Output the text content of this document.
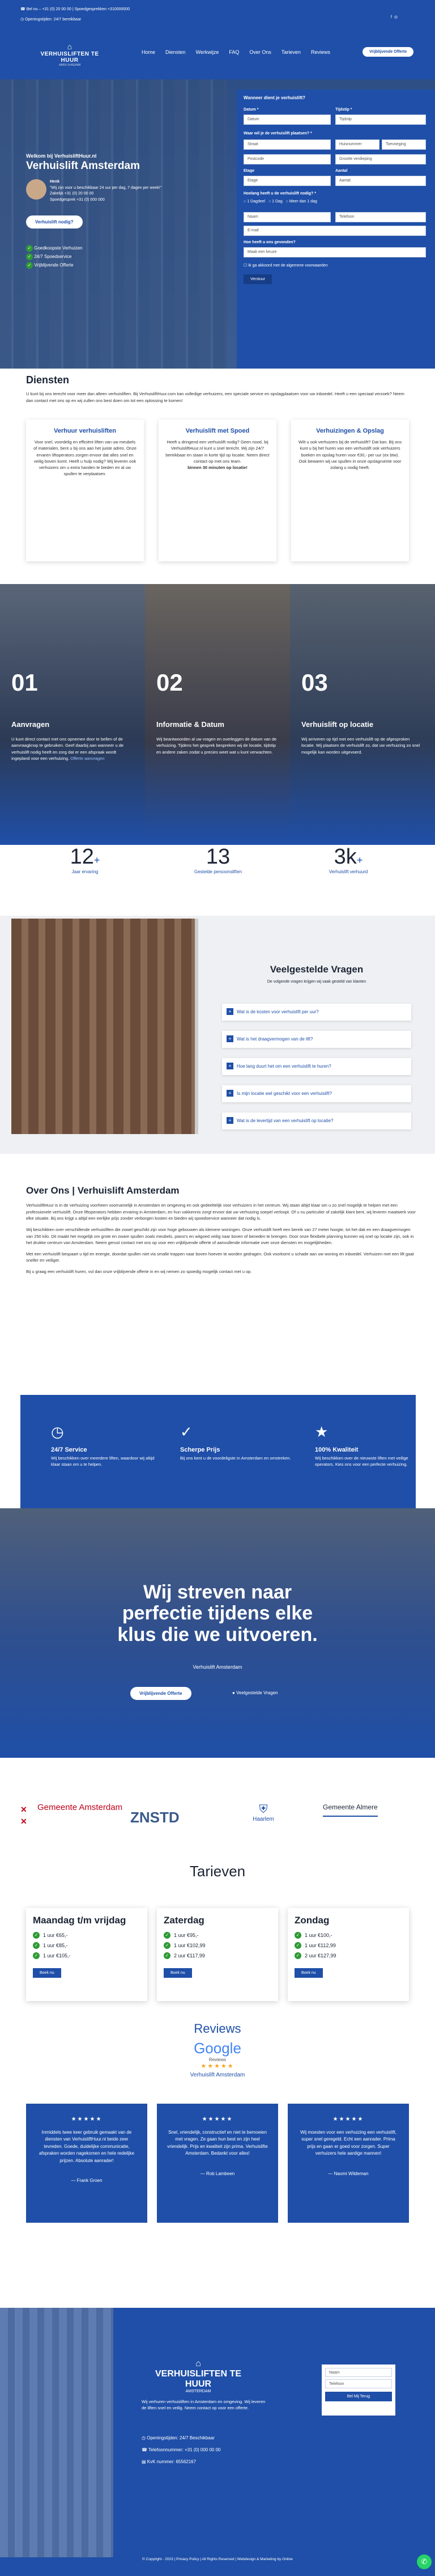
☎ Bel nu – +31 (0) 20 00 00 | Spoedgesprekken +310000000
◷ Openingstijden: 24/7 bereikbaar
f ◎
⌂
VERHUISLIFTEN TE HUUR
AMSTERDAM
Home Diensten Werkwijze FAQ Over Ons Tarieven Reviews	Vrijblijvende Offerte
Welkom bij VerhuisliftHuur.nl
Verhuislift Amsterdam
Henk
"Wij zijn voor u beschikbaar 24 uur per dag, 7 dagen per week!"
Zakelijk +31 (0) 20 00 00
Spoedgesprek +31 (0) 000 000
Verhuislift nodig?
✓ Goedkoopste Verhuizen
✓ 24/7 Spoedservice
✓ Vrijblijvende Offerte
Wanneer dient je verhuislift?
Datum *	Tijdstip *
Datum	Tijdstip
Waar wil je de verhuislift plaatsen? *
Straat	Huisnummer	Toevoeging
Postcode	Grootte verdieping
Etage	Aantal
Etage	Aantal
Hoelang heeft u de verhuislift nodig? *
○ 1 Dagdeel   ○ 1 Dag   ○ Meer dan 1 dag
Naam	Telefoon
E-mail
Hoe heeft u ons gevonden?
Maak een keuze
☐ Ik ga akkoord met de algemene voorwaarden
Verstuur
Diensten
U kunt bij ons terecht voor meer dan alleen verhuisliften. Bij VerhuisliftHuur.com kan volledige verhuizers, een speciale service en opslagplaatsen voor uw inboedel. Heeft u een speciaal verzoek? Neem dan contact met ons op en wij zullen ons best doen om tot een oplossing te komen!
Verhuur verhuisliften
Voor snel, voordelig en efficiënt liften van uw meubels of materialen, bent u bij ons aan het juiste adres. Onze ervaren liftoperators zorgen ervoor dat alles snel en veilig boven komt. Heeft u hulp nodig? Wij leveren ook verhuizers om u extra handen te bieden en al uw spullen te verplaatsen.
Verhuislift met Spoed
Heeft u dringend een verhuislift nodig? Geen nood, bij VerhuisliftHuur.nl kunt u snel terecht. Wij zijn 24/7 bereikbaar en staan in korte tijd op locatie. Neem direct contact op met ons team.
binnen 30 minuten op locatie!
Verhuizingen & Opslag
Wilt u ook verhuizers bij de verhuislift? Dat kan. Bij ons kunt u bij het huren van een verhuislift ook verhuizers boeken en opslag huren voor €30,- per uur (ex btw). Ook bewaren wij uw spullen in onze opslagruimte voor zolang u nodig heeft.
01
Aanvragen
U kunt direct contact met ons opnemen door te bellen of de aanvraagknop te gebruiken. Geef daarbij aan wanneer u de verhuislift nodig heeft en zorg dat er een afspraak wordt ingepland voor een verhuizing. Offerte aanvragen
02
Informatie & Datum
Wij beantwoorden al uw vragen en overleggen de datum van de verhuizing. Tijdens het gesprek bespreken wij de locatie, tijdstip en andere zaken zodat u precies weet wat u kunt verwachten.
03
Verhuislift op locatie
Wij arriveren op tijd met een verhuislift op de afgesproken locatie. Wij plaatsen de verhuislift zo, dat uw verhuizing zo snel mogelijk kan worden uitgevoerd.
12+
Jaar ervaring
13
Gestelde persoonsliften
3k+
Verhuislift verhuurd
Veelgestelde Vragen
De volgende vragen krijgen wij vaak gesteld van klanten
+	Wat is de kosten voor verhuislift per uur?
+	Wat is het draagvermogen van de lift?
+	Hoe lang duurt het om een verhuislift te huren?
+	Is mijn locatie wel geschikt voor een verhuislift?
+	Wat is de levertijd van een verhuislift op locatie?
Over Ons | Verhuislift Amsterdam
VerhuisliftHuur is in de verhuizing voorheen voornamelijk in Amsterdam en omgeving en ook gedeeltelijk voor verhuizers in het centrum. Wij staan altijd klaar om u zo snel mogelijk te helpen met een professionele verhuislift. Onze liftoperators hebben ervaring in Amsterdam, en hun vakkennis zorgt ervoor dat uw verhuizing soepel verloopt. Of u nu particulier of zakelijk klant bent, wij leveren maatwerk voor elke situatie. Bij ons krijgt u altijd een eerlijke prijs zonder verborgen kosten en bieden wij spoedservice wanneer dat nodig is.
Wij beschikken over verschillende verhuisliften die zowel geschikt zijn voor hoge gebouwen als kleinere woningen. Onze verhuislift heeft een bereik van 27 meter hoogte, tot het dak en een draagvermogen van 250 kilo. Dit maakt het mogelijk om grote en zware spullen zoals meubels, piano's en witgoed veilig naar boven of beneden te brengen. Door onze flexibele planning kunnen wij snel op locatie zijn, ook in het drukke centrum van Amsterdam. Neem gerust contact met ons op voor een vrijblijvende offerte of aanvullende informatie over onze diensten en mogelijkheden.
Met een verhuislift bespaart u tijd en energie, doordat spullen niet via smalle trappen naar boven hoeven te worden gedragen. Ook voorkomt u schade aan uw woning en inboedel. Verhuizen met een lift gaat sneller en veiliger.
Bij u graag een verhuislift huren, vul dan onze vrijblijvende offerte in en wij nemen zo spoedig mogelijk contact met u op.
◷
24/7 Service
Wij beschikken over meerdere liften, waardoor wij altijd klaar staan om u te helpen.
✓
Scherpe Prijs
Bij ons kent u de voordeligste in Amsterdam en omstreken.
★
100% Kwaliteit
Wij beschikken over de nieuwste liften met veilige operators. Kies ons voor een perfecte verhuizing.
Wij streven naar
perfectie tijdens elke
klus die we uitvoeren.
Verhuislift Amsterdam
Vrijblijvende Offerte	● Veelgestelde Vragen
✕
✕
Gemeente Amsterdam
ZNSTD	⛨
Haarlem
Gemeente Almere
Tarieven
Maandag t/m vrijdag
✓ 1 uur €65,-
✓ 1 uur €85,-
✓ 1 uur €105,-
Boek nu
Zaterdag
✓ 1 uur €95,-
✓ 1 uur €102,99
✓ 2 uur €117,99
Boek nu
Zondag
✓ 1 uur €100,-
✓ 1 uur €112,99
✓ 2 uur €127,99
Boek nu
Reviews
Google
Reviews
★★★★★
Verhuislift Amsterdam
★★★★★
Inmiddels twee keer gebruik gemaakt van de diensten van VerhuisliftHuur.nl beide zeer tevreden. Goede, duidelijke communicatie, afspraken worden nagekomen en hele redelijke prijzen. Absolute aanrader!
— Frank Groen
★★★★★
Snel, vriendelijk, constructief en niet te bemoeien met vragen. Ze gaan hun best en zijn heel vriendelijk. Prijs en kwaliteit zijn prima. Verhuislifte Amsterdam. Bedankt voor alles!
— Rob Lambeen
★★★★★
Wij moesten voor een verhuizing een verhuislift, super snel geregeld. Echt een aanrader. Prima prijs en gaan er goed voor zorgen. Super verhuizers hele aardige mannen!
— Naomi Wildeman
⌂
VERHUISLIFTEN TE HUUR
AMSTERDAM
Wij verhuren verhuisliften in Amsterdam en omgeving. Wij leveren de liften snel en veilig. Neem contact op voor een offerte.
◷ Openingstijden: 24/7 Beschikbaar
☎ Telefoonnummer: +31 (0) 000 00 00
▤ KvK nummer: 65562167
Naam
Telefoon
Bel Mij Terug
© Copyright - 2023 | Privacy Policy | All Rights Reserved | Webdesign & Marketing by Online	✆
